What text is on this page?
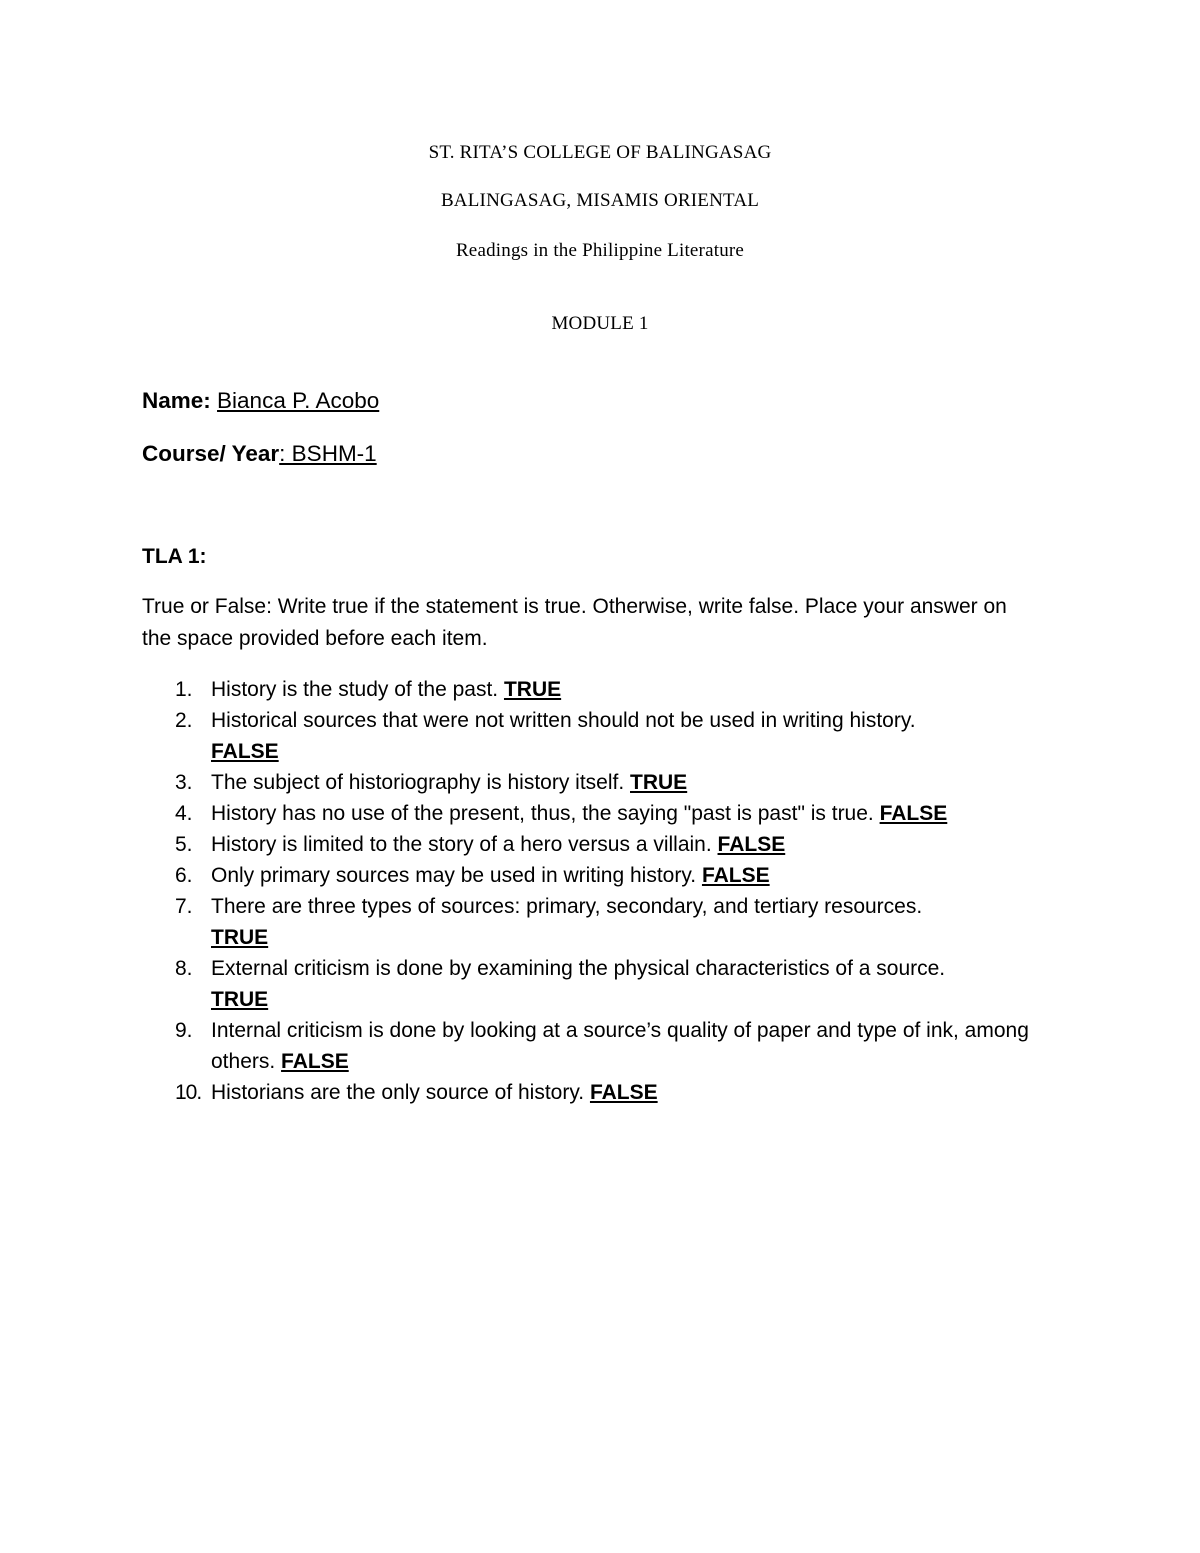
ST. RITA’S COLLEGE OF BALINGASAG
BALINGASAG, MISAMIS ORIENTAL
Readings in the Philippine Literature
MODULE 1
Name: Bianca P. Acobo
Course/ Year: BSHM-1
TLA 1:
True or False: Write true if the statement is true. Otherwise, write false. Place your answer on the space provided before each item.
1. History is the study of the past. TRUE
2. Historical sources that were not written should not be used in writing history.
FALSE
3. The subject of historiography is history itself. TRUE
4. History has no use of the present, thus, the saying "past is past" is true. FALSE
5. History is limited to the story of a hero versus a villain. FALSE
6. Only primary sources may be used in writing history. FALSE
7. There are three types of sources: primary, secondary, and tertiary resources.
TRUE
8. External criticism is done by examining the physical characteristics of a source.
TRUE
9. Internal criticism is done by looking at a source’s quality of paper and type of ink, among others. FALSE
10. Historians are the only source of history. FALSE
